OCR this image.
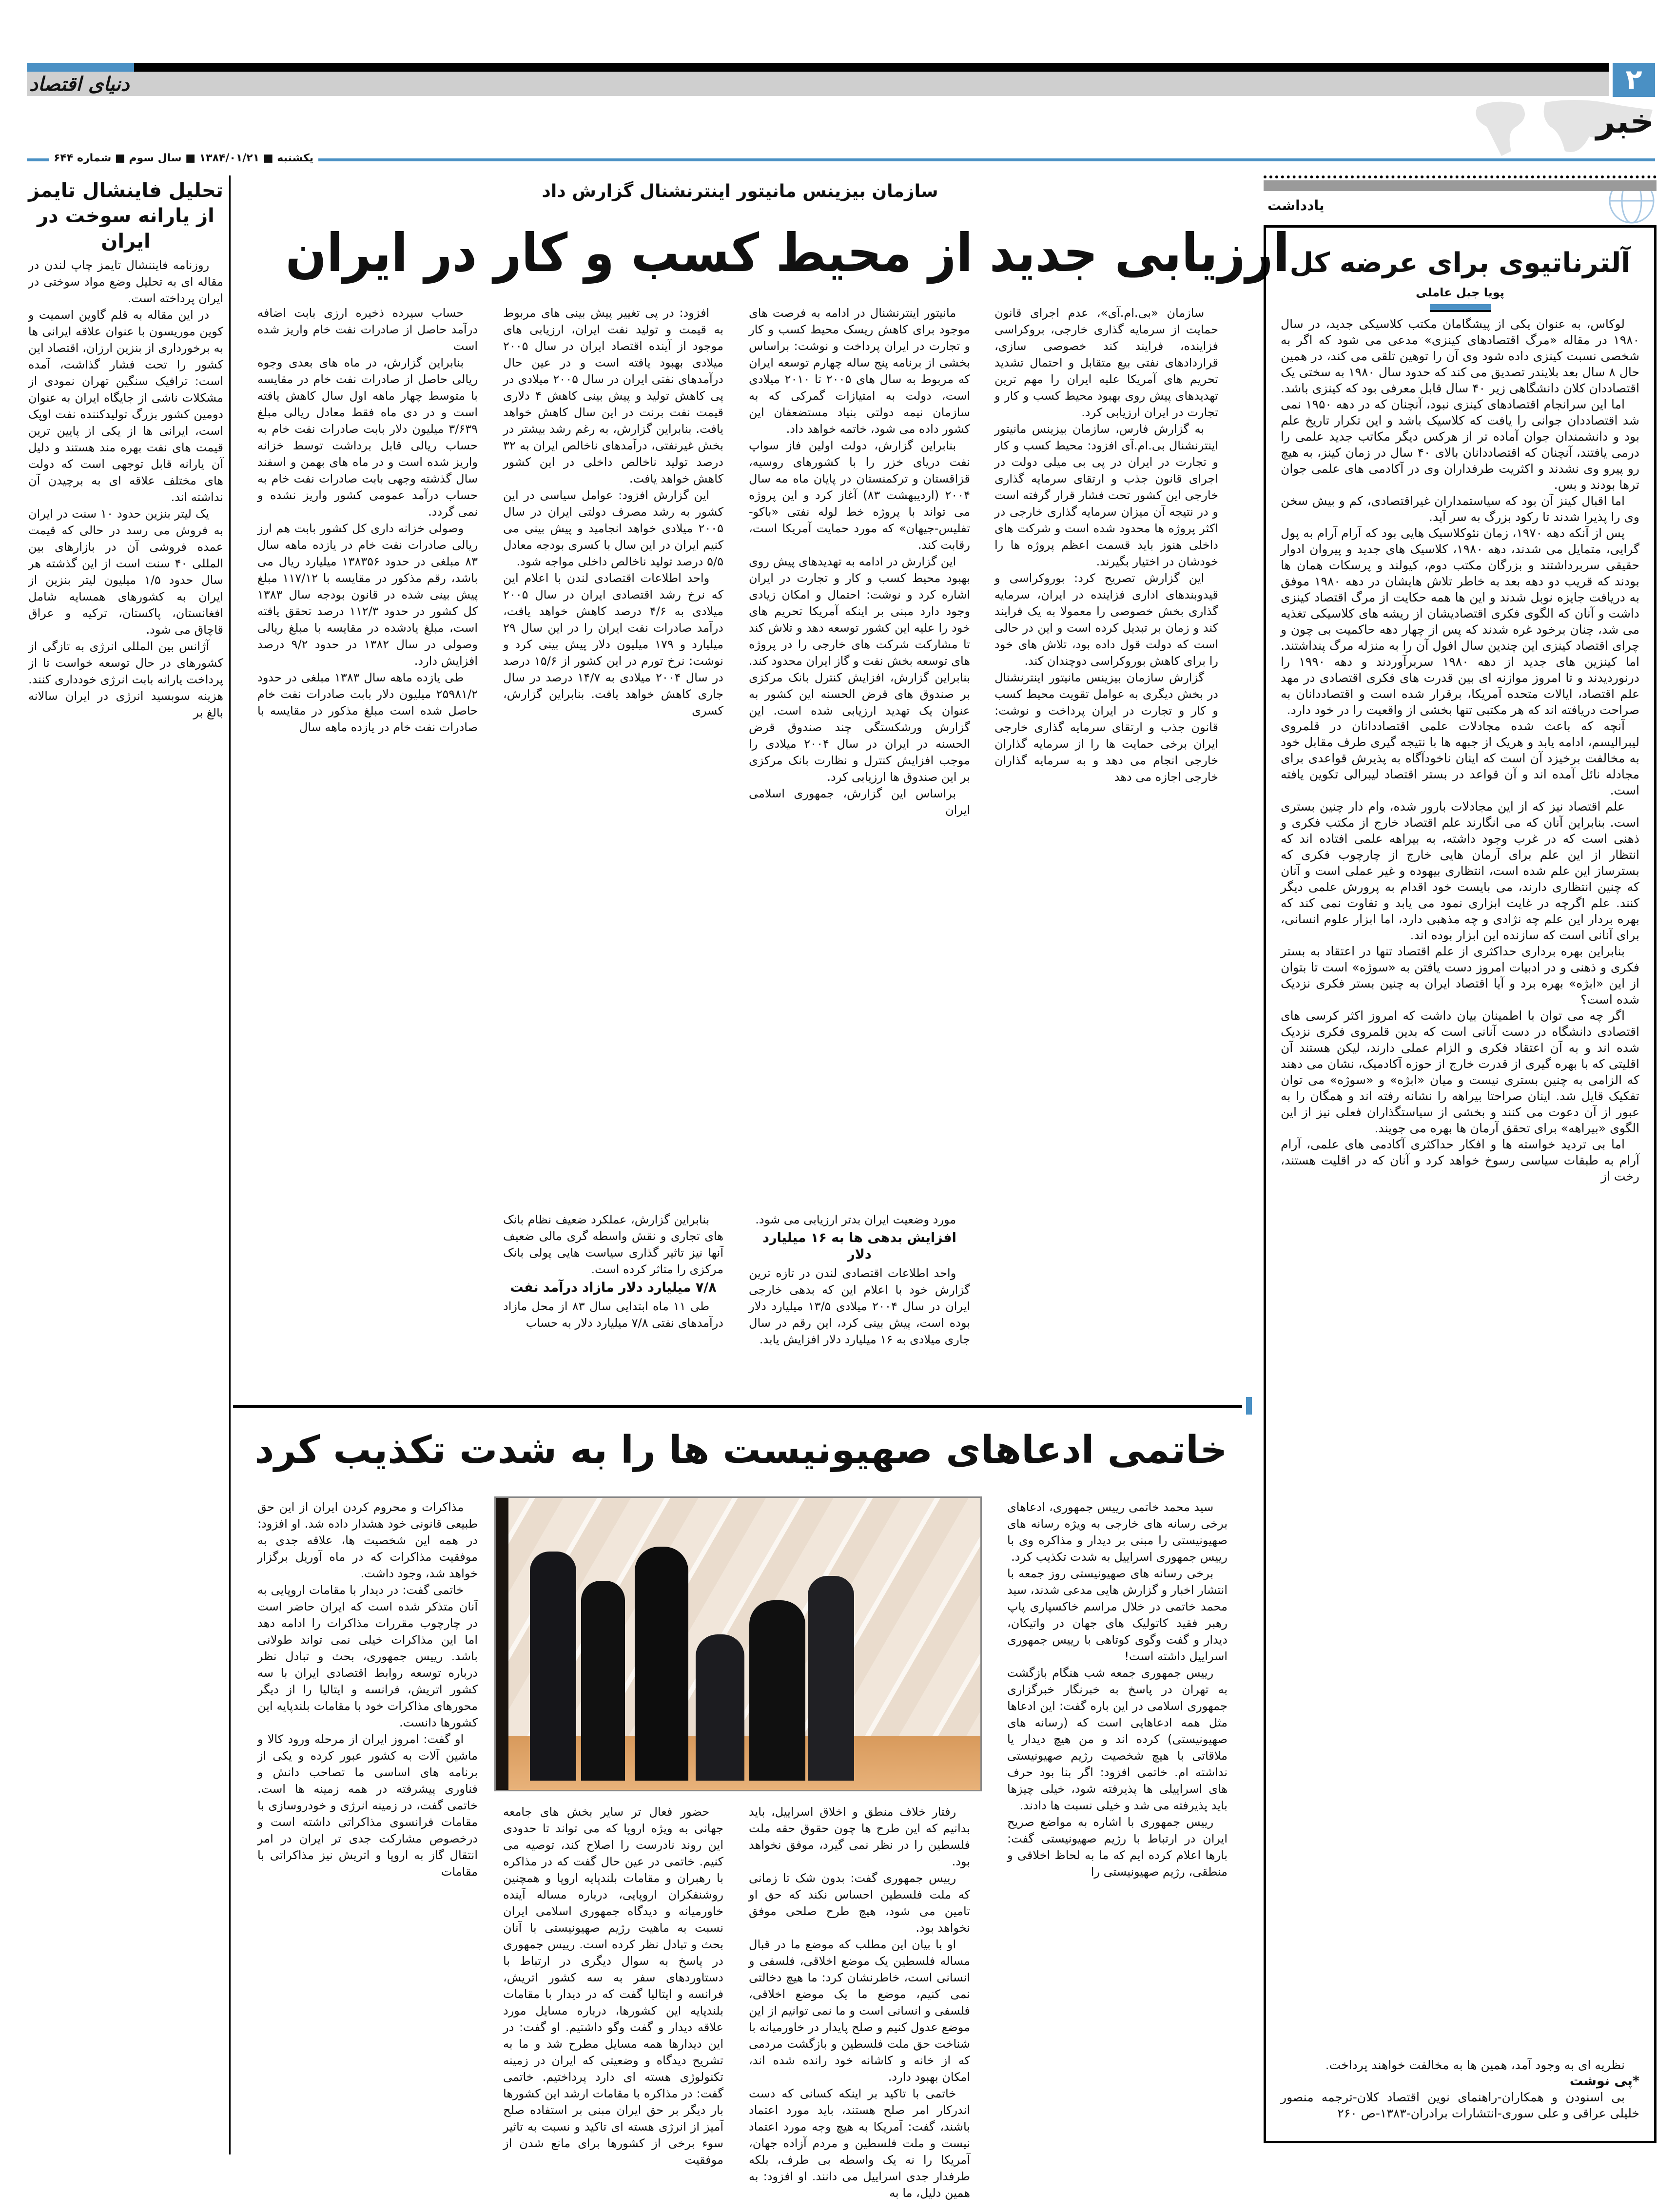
دنیای اقتصاد	۲
خبر
یکشنبه ■ ۱۳۸۴/۰۱/۲۱ ■ سال سوم ■ شماره ۶۴۴
تحلیل فاینشال تایمز
از یارانه سوخت در ایران

روزنامه فایننشال تایمز چاپ لندن در مقاله ای به تحلیل وضع مواد سوختی در ایران پرداخته است.

در این مقاله به قلم گاوین اسمیت و کوین موریسون با عنوان علاقه ایرانی ها به برخورداری از بنزین ارزان، اقتصاد این کشور را تحت فشار گذاشت، آمده است: ترافیک سنگین تهران نمودی از مشکلات ناشی از جایگاه ایران به عنوان دومین کشور بزرگ تولیدکننده نفت اوپک است، ایرانی ها از یکی از پایین ترین قیمت های نفت بهره مند هستند و دلیل آن یارانه قابل توجهی است که دولت های مختلف علاقه ای به برچیدن آن نداشته اند.

یک لیتر بنزین حدود ۱۰ سنت در ایران به فروش می رسد در حالی که قیمت عمده فروشی آن در بازارهای بین المللی ۴۰ سنت است از این گذشته هر سال حدود ۱/۵ میلیون لیتر بنزین از ایران به کشورهای همسایه شامل افغانستان، پاکستان، ترکیه و عراق قاچاق می شود.

آژانس بین المللی انرژی به تازگی از کشورهای در حال توسعه خواست تا از پرداخت یارانه بابت انرژی خودداری کنند. هزینه سوبسید انرژی در ایران سالانه بالغ بر

سازمان بیزینس مانیتور اینترنشنال گزارش داد
ارزیابی جدید از محیط کسب و کار در ایران

سازمان «بی.ام.آی»، عدم اجرای قانون حمایت از سرمایه گذاری خارجی، بروکراسی فزاینده، فرایند کند خصوصی سازی، قراردادهای نفتی بیع متقابل و احتمال تشدید تحریم های آمریکا علیه ایران را مهم ترین تهدیدهای پیش روی بهبود محیط کسب و کار و تجارت در ایران ارزیابی کرد.

به گزارش فارس، سازمان بیزینس مانیتور اینترنشنال بی.ام.آی افزود: محیط کسب و کار و تجارت در ایران در پی بی میلی دولت در اجرای قانون جذب و ارتقای سرمایه گذاری خارجی این کشور تحت فشار قرار گرفته است و در نتیجه آن میزان سرمایه گذاری خارجی در اکثر پروژه ها محدود شده است و شرکت های داخلی هنوز باید قسمت اعظم پروژه ها را خودشان در اختیار بگیرند.

این گزارش تصریح کرد: بوروکراسی و قیدوبندهای اداری فزاینده در ایران، سرمایه گذاری بخش خصوصی را معمولا به یک فرایند کند و زمان بر تبدیل کرده است و این در حالی است که دولت قول داده بود، تلاش های خود را برای کاهش بوروکراسی دوچندان کند.

گزارش سازمان بیزینس مانیتور اینترنشنال در بخش دیگری به عوامل تقویت محیط کسب و کار و تجارت در ایران پرداخت و نوشت: قانون جذب و ارتقای سرمایه گذاری خارجی ایران برخی حمایت ها را از سرمایه گذاران خارجی انجام می دهد و به سرمایه گذاران خارجی اجازه می دهد

مانیتور اینترنشنال در ادامه به فرصت های موجود برای کاهش ریسک محیط کسب و کار و تجارت در ایران پرداخت و نوشت: براساس بخشی از برنامه پنج ساله چهارم توسعه ایران که مربوط به سال های ۲۰۰۵ تا ۲۰۱۰ میلادی است، دولت به امتیازات گمرکی که به سازمان نیمه دولتی بنیاد مستضعفان این کشور داده می شود، خاتمه خواهد داد.

بنابراین گزارش، دولت اولین فاز سواپ نفت دریای خزر را با کشورهای روسیه، قزاقستان و ترکمنستان در پایان ماه مه سال ۲۰۰۴ (اردیبهشت ۸۳) آغاز کرد و این پروژه می تواند با پروژه خط لوله نفتی «باکو-تفلیس-جیهان» که مورد حمایت آمریکا است، رقابت کند.

این گزارش در ادامه به تهدیدهای پیش روی بهبود محیط کسب و کار و تجارت در ایران اشاره کرد و نوشت: احتمال و امکان زیادی وجود دارد مبنی بر اینکه آمریکا تحریم های خود را علیه این کشور توسعه دهد و تلاش کند تا مشارکت شرکت های خارجی را در پروژه های توسعه بخش نفت و گاز ایران محدود کند. بنابراین گزارش، افزایش کنترل بانک مرکزی بر صندوق های قرض الحسنه این کشور به عنوان یک تهدید ارزیابی شده است. این گزارش ورشکستگی چند صندوق قرض الحسنه در ایران در سال ۲۰۰۴ میلادی را موجب افزایش کنترل و نظارت بانک مرکزی بر این صندوق ها ارزیابی کرد.

براساس این گزارش، جمهوری اسلامی ایران

افزود: در پی تغییر پیش بینی های مربوط به قیمت و تولید نفت ایران، ارزیابی های موجود از آینده اقتصاد ایران در سال ۲۰۰۵ میلادی بهبود یافته است و در عین حال درآمدهای نفتی ایران در سال ۲۰۰۵ میلادی در پی کاهش تولید و پیش بینی کاهش ۴ دلاری قیمت نفت برنت در این سال کاهش خواهد یافت. بنابراین گزارش، به رغم رشد بیشتر در بخش غیرنفتی، درآمدهای ناخالص ایران به ۳۲ درصد تولید ناخالص داخلی در این کشور کاهش خواهد یافت.

این گزارش افزود: عوامل سیاسی در این کشور به رشد مصرف دولتی ایران در سال ۲۰۰۵ میلادی خواهد انجامید و پیش بینی می کنیم ایران در این سال با کسری بودجه معادل ۵/۵ درصد تولید ناخالص داخلی مواجه شود.

واحد اطلاعات اقتصادی لندن با اعلام این که نرخ رشد اقتصادی ایران در سال ۲۰۰۵ میلادی به ۴/۶ درصد کاهش خواهد یافت، درآمد صادرات نفت ایران را در این سال ۲۹ میلیارد و ۱۷۹ میلیون دلار پیش بینی کرد و نوشت: نرخ تورم در این کشور از ۱۵/۶ درصد در سال ۲۰۰۴ میلادی به ۱۴/۷ درصد در سال جاری کاهش خواهد یافت. بنابراین گزارش، کسری

حساب سپرده ذخیره ارزی بابت اضافه درآمد حاصل از صادرات نفت خام واریز شده است

بنابراین گزارش، در ماه های بعدی وجوه ریالی حاصل از صادرات نفت خام در مقایسه با متوسط چهار ماهه اول سال کاهش یافته است و در دی ماه فقط معادل ریالی مبلغ ۳/۶۳۹ میلیون دلار بابت صادرات نفت خام به حساب ریالی قابل برداشت توسط خزانه واریز شده است و در ماه های بهمن و اسفند سال گذشته وجهی بابت صادرات نفت خام به حساب درآمد عمومی کشور واریز نشده و نمی گردد.

وصولی خزانه داری کل کشور بابت هم ارز ریالی صادرات نفت خام در یازده ماهه سال ۸۳ مبلغی در حدود ۱۳۸۳۵۶ میلیارد ریال می باشد، رقم مذکور در مقایسه با ۱۱۷/۱۲ مبلغ پیش بینی شده در قانون بودجه سال ۱۳۸۳ کل کشور در حدود ۱۱۲/۳ درصد تحقق یافته است، مبلغ یادشده در مقایسه با مبلغ ریالی وصولی در سال ۱۳۸۲ در حدود ۹/۲ درصد افزایش دارد.

طی یازده ماهه سال ۱۳۸۳ مبلغی در حدود ۲۵۹۸۱/۲ میلیون دلار بابت صادرات نفت خام حاصل شده است مبلغ مذکور در مقایسه با صادرات نفت خام در یازده ماهه سال

مورد وضعیت ایران بدتر ارزیابی می شود.

افزایش بدهی ها به ۱۶ میلیارد دلار

واحد اطلاعات اقتصادی لندن در تازه ترین گزارش خود با اعلام این که بدهی خارجی ایران در سال ۲۰۰۴ میلادی ۱۳/۵ میلیارد دلار بوده است، پیش بینی کرد، این رقم در سال جاری میلادی به ۱۶ میلیارد دلار افزایش یابد.

بنابراین گزارش، عملکرد ضعیف نظام بانک های تجاری و نقش واسطه گری مالی ضعیف آنها نیز تاثیر گذاری سیاست هایی پولی بانک مرکزی را متاثر کرده است.

۷/۸ میلیارد دلار مازاد درآمد نفت

طی ۱۱ ماه ابتدایی سال ۸۳ از محل مازاد درآمدهای نفتی ۷/۸ میلیارد دلار به حساب

یادداشت
آلترناتیوی برای عرضه کل
پویا جبل عاملی

لوکاس، به عنوان یکی از پیشگامان مکتب کلاسیکی جدید، در سال ۱۹۸۰ در مقاله «مرگ اقتصادهای کینزی» مدعی می شود که اگر به شخصی نسبت کینزی داده شود وی آن را توهین تلقی می کند، در همین حال ۸ سال بعد بلایندر تصدیق می کند که حدود سال ۱۹۸۰ به سختی یک اقتصاددان کلان دانشگاهی زیر ۴۰ سال قابل معرفی بود که کینزی باشد.

اما این سرانجام اقتصادهای کینزی نبود، آنچنان که در دهه ۱۹۵۰ نمی شد اقتصاددان جوانی را یافت که کلاسیک باشد و این تکرار تاریخ علم بود و دانشمندان جوان آماده تر از هرکس دیگر مکاتب جدید علمی را درمی یافتند، آنچنان که اقتصاددانان بالای ۴۰ سال در زمان کینز، به هیچ رو پیرو وی نشدند و اکثریت طرفداران وی در آکادمی های علمی جوان ترها بودند و بس.

اما اقبال کینز آن بود که سیاستمداران غیراقتصادی، کم و بیش سخن وی را پذیرا شدند تا رکود بزرگ به سر آید.

پس از آنکه دهه ۱۹۷۰، زمان نئوکلاسیک هایی بود که آرام آرام به پول گرایی، متمایل می شدند، دهه ۱۹۸۰، کلاسیک های جدید و پیروان ادوار حقیقی سربرداشتند و بزرگان مکتب دوم، کیولند و پرسکات همان ها بودند که قریب دو دهه بعد به خاطر تلاش هایشان در دهه ۱۹۸۰ موفق به دریافت جایزه نوبل شدند و این ها همه حکایت از مرگ اقتصاد کینزی داشت و آنان که الگوی فکری اقتصادیشان از ریشه های کلاسیکی تغذیه می شد، چنان برخود غره شدند که پس از چهار دهه حاکمیت بی چون و چرای اقتصاد کینزی این چندین سال افول آن را به منزله مرگ پنداشتند. اما کینزین های جدید از دهه ۱۹۸۰ سربرآوردند و دهه ۱۹۹۰ را درنوردیدند و تا امروز موازنه ای بین قدرت های فکری اقتصادی در مهد علم اقتصاد، ایالات متحده آمریکا، برقرار شده است و اقتصاددانان به صراحت دریافته اند که هر مکتبی تنها بخشی از واقعیت را در خود دارد.

آنچه که باعث شده مجادلات علمی اقتصاددانان در قلمروی لیبرالیسم، ادامه یابد و هریک از جبهه ها با نتیجه گیری طرف مقابل خود به مخالفت برخیزد آن است که اینان ناخودآگاه به پذیرش قواعدی برای مجادله نائل آمده اند و آن قواعد در بستر اقتصاد لیبرالی تکوین یافته است.

علم اقتصاد نیز که از این مجادلات بارور شده، وام دار چنین بستری است. بنابراین آنان که می انگارند علم اقتصاد خارج از مکتب فکری و ذهنی است که در غرب وجود داشته، به بیراهه علمی افتاده اند که انتظار از این علم برای آرمان هایی خارج از چارچوب فکری که بسترساز این علم شده است، انتظاری بیهوده و غیر عملی است و آنان که چنین انتظاری دارند، می بایست خود اقدام به پرورش علمی دیگر کنند. علم اگرچه در غایت ابزاری نمود می یابد و تفاوت نمی کند که بهره بردار این علم چه نژادی و چه مذهبی دارد، اما ابزار علوم انسانی، برای آنانی است که سازنده این ابزار بوده اند.

بنابراین بهره برداری حداکثری از علم اقتصاد تنها در اعتقاد به بستر فکری و ذهنی و در ادبیات امروز دست یافتن به «سوژه» است تا بتوان از این «ابژه» بهره برد و آیا اقتصاد ایران به چنین بستر فکری نزدیک شده است؟

اگر چه می توان با اطمینان بیان داشت که امروز اکثر کرسی های اقتصادی دانشگاه در دست آنانی است که بدین قلمروی فکری نزدیک شده اند و به آن اعتقاد فکری و الزام عملی دارند، لیکن هستند آن اقلیتی که با بهره گیری از قدرت خارج از حوزه آکادمیک، نشان می دهند که الزامی به چنین بستری نیست و میان «ابژه» و «سوژه» می توان تفکیک قایل شد. اینان صراحتا بیراهه را نشانه رفته اند و همگان را به عبور از آن دعوت می کنند و بخشی از سیاستگذاران فعلی نیز از این الگوی «بیراهه» برای تحقق آرمان ها بهره می جویند.

اما بی تردید خواسته ها و افکار حداکثری آکادمی های علمی، آرام آرام به طبقات سیاسی رسوخ خواهد کرد و آنان که در اقلیت هستند، رخت از

نظریه ای به وجود آمد، همین ها به مخالفت خواهند پرداخت.

*پی نوشت

بی اسنودن و همکاران-راهنمای نوین اقتصاد کلان-ترجمه منصور خلیلی عراقی و علی سوری-انتشارات برادران-۱۳۸۳-ص ۲۶۰

خاتمی ادعاهای صهیونیست ها را به شدت تکذیب کرد

سید محمد خاتمی رییس جمهوری، ادعاهای برخی رسانه های خارجی به ویژه رسانه های صهیونیستی را مبنی بر دیدار و مذاکره وی با رییس جمهوری اسراییل به شدت تکذیب کرد.

برخی رسانه های صهیونیستی روز جمعه با انتشار اخبار و گزارش هایی مدعی شدند، سید محمد خاتمی در خلال مراسم خاکسپاری پاپ رهبر فقید کاتولیک های جهان در واتیکان، دیدار و گفت وگوی کوتاهی با رییس جمهوری اسراییل داشته است!

رییس جمهوری جمعه شب هنگام بازگشت به تهران در پاسخ به خبرنگار خبرگزاری جمهوری اسلامی در این باره گفت: این ادعاها مثل همه ادعاهایی است که (رسانه های صهیونیستی) کرده اند و من هیچ دیدار یا ملاقاتی با هیچ شخصیت رژیم صهیونیستی نداشته ام. خاتمی افزود: اگر بنا بود حرف های اسراییلی ها پذیرفته شود، خیلی چیزها باید پذیرفته می شد و خیلی نسبت ها دادند.

رییس جمهوری با اشاره به مواضع صریح ایران در ارتباط با رژیم صهیونیستی گفت: بارها اعلام کرده ایم که ما به لحاظ اخلاقی و منطقی، رژیم صهیونیستی را

رفتار خلاف منطق و اخلاق اسراییل، باید بدانیم که این طرح ها چون حقوق حقه ملت فلسطین را در نظر نمی گیرد، موفق نخواهد بود.

رییس جمهوری گفت: بدون شک تا زمانی که ملت فلسطین احساس نکند که حق او تامین می شود، هیچ طرح صلحی موفق نخواهد بود.

او با بیان این مطلب که موضع ما در قبال مساله فلسطین یک موضع اخلاقی، فلسفی و انسانی است، خاطرنشان کرد: ما هیچ دخالتی نمی کنیم، موضع ما یک موضع اخلاقی، فلسفی و انسانی است و ما نمی توانیم از این موضع عدول کنیم و صلح پایدار در خاورمیانه با شناخت حق ملت فلسطین و بازگشت مردمی که از خانه و کاشانه خود رانده شده اند، امکان بهبود دارد.

خاتمی با تاکید بر اینکه کسانی که دست اندرکار امر صلح هستند، باید مورد اعتماد باشند، گفت: آمریکا به هیچ وجه مورد اعتماد نیست و ملت فلسطین و مردم آزاده جهان، آمریکا را نه یک واسطه بی طرف، بلکه طرفدار جدی اسراییل می دانند. او افزود: به همین دلیل، ما به

حضور فعال تر سایر بخش های جامعه جهانی به ویژه اروپا که می تواند تا حدودی این روند نادرست را اصلاح کند، توصیه می کنیم. خاتمی در عین حال گفت که در مذاکره با رهبران و مقامات بلندپایه اروپا و همچنین روشنفکران اروپایی، درباره مساله آینده خاورمیانه و دیدگاه جمهوری اسلامی ایران نسبت به ماهیت رژیم صهیونیستی با آنان بحث و تبادل نظر کرده است. رییس جمهوری در پاسخ به سوال دیگری در ارتباط با دستاوردهای سفر به سه کشور اتریش، فرانسه و ایتالیا گفت که در دیدار با مقامات بلندپایه این کشورها، درباره مسایل مورد علاقه دیدار و گفت وگو داشتیم. او گفت: در این دیدارها همه مسایل مطرح شد و ما به تشریح دیدگاه و وضعیتی که ایران در زمینه تکنولوژی هسته ای دارد پرداختیم. خاتمی گفت: در مذاکره با مقامات ارشد این کشورها بار دیگر بر حق ایران مبنی بر استفاده صلح آمیز از انرژی هسته ای تاکید و نسبت به تاثیر سوء برخی از کشورها برای مانع شدن از موفقیت

مذاکرات و محروم کردن ایران از این حق طبیعی قانونی خود هشدار داده شد. او افزود: در همه این شخصیت ها، علاقه جدی به موفقیت مذاکرات که در ماه آوریل برگزار خواهد شد، وجود داشت.

خاتمی گفت: در دیدار با مقامات اروپایی به آنان متذکر شده است که ایران حاضر است در چارچوب مقررات مذاکرات را ادامه دهد اما این مذاکرات خیلی نمی تواند طولانی باشد. رییس جمهوری، بحث و تبادل نظر درباره توسعه روابط اقتصادی ایران با سه کشور اتریش، فرانسه و ایتالیا را از دیگر محورهای مذاکرات خود با مقامات بلندپایه این کشورها دانست.

او گفت: امروز ایران از مرحله ورود کالا و ماشین آلات به کشور عبور کرده و یکی از برنامه های اساسی ما تصاحب دانش و فناوری پیشرفته در همه زمینه ها است. خاتمی گفت، در زمینه انرژی و خودروسازی با مقامات فرانسوی مذاکراتی داشته است و درخصوص مشارکت جدی تر ایران در امر انتقال گاز به اروپا و اتریش نیز مذاکراتی با مقامات
